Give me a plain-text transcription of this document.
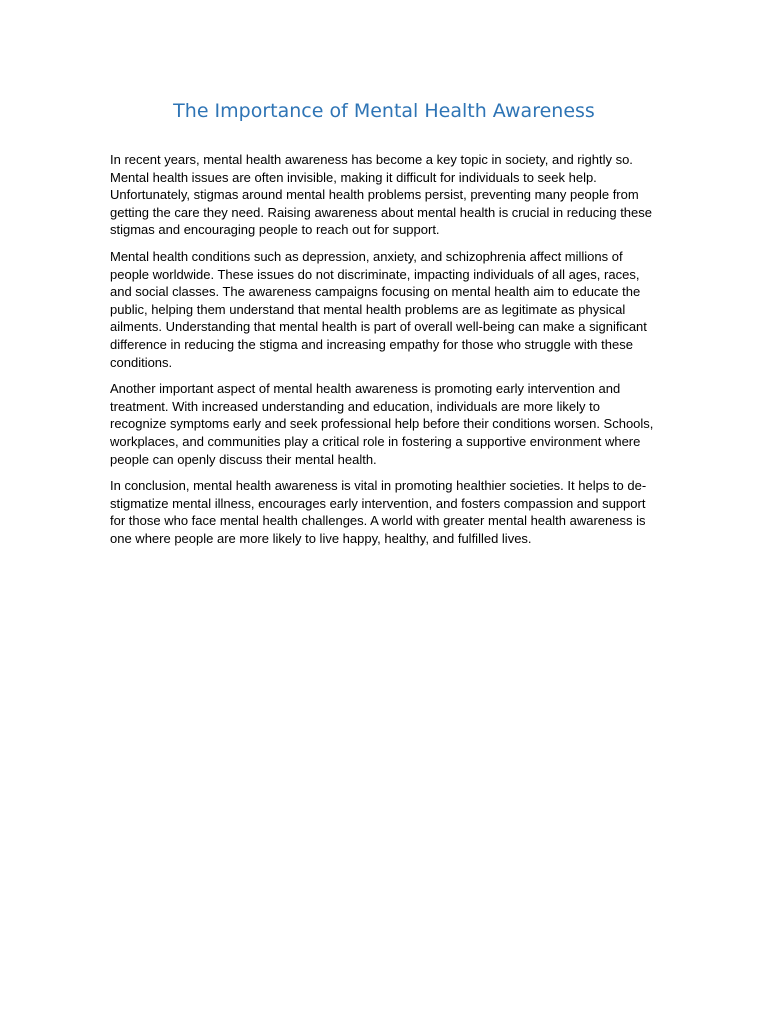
The Importance of Mental Health Awareness

In recent years, mental health awareness has become a key topic in society, and rightly so. Mental health issues are often invisible, making it difficult for individuals to seek help. Unfortunately, stigmas around mental health problems persist, preventing many people from getting the care they need. Raising awareness about mental health is crucial in reducing these stigmas and encouraging people to reach out for support.

Mental health conditions such as depression, anxiety, and schizophrenia affect millions of people worldwide. These issues do not discriminate, impacting individuals of all ages, races, and social classes. The awareness campaigns focusing on mental health aim to educate the public, helping them understand that mental health problems are as legitimate as physical ailments. Understanding that mental health is part of overall well-being can make a significant difference in reducing the stigma and increasing empathy for those who struggle with these conditions.

Another important aspect of mental health awareness is promoting early intervention and treatment. With increased understanding and education, individuals are more likely to recognize symptoms early and seek professional help before their conditions worsen. Schools, workplaces, and communities play a critical role in fostering a supportive environment where people can openly discuss their mental health.

In conclusion, mental health awareness is vital in promoting healthier societies. It helps to de-stigmatize mental illness, encourages early intervention, and fosters compassion and support for those who face mental health challenges. A world with greater mental health awareness is one where people are more likely to live happy, healthy, and fulfilled lives.
